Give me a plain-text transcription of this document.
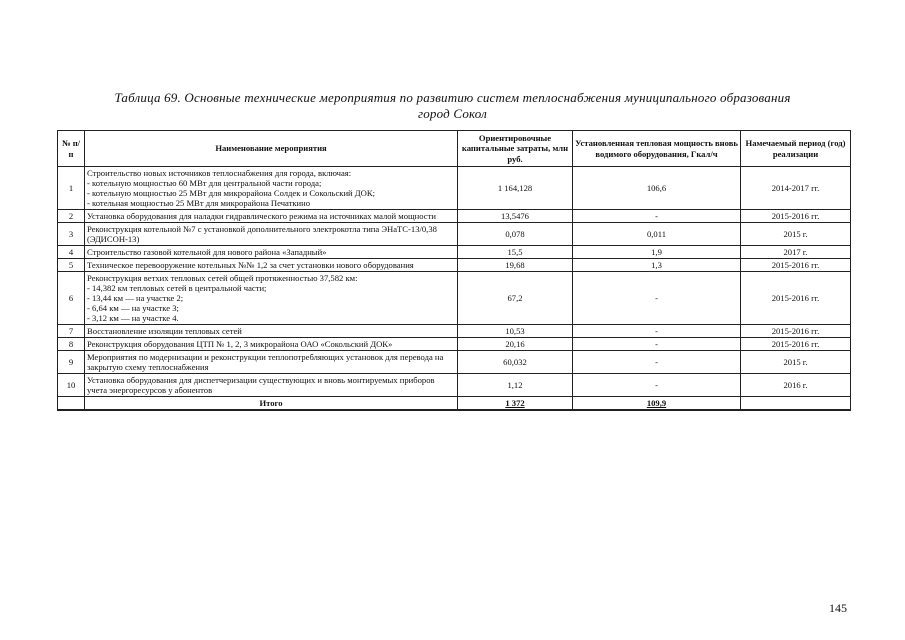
Таблица 69. Основные технические мероприятия по развитию систем теплоснабжения муниципального образования
город Сокол
№ п/п	Наименование мероприятия	Ориентировочные капитальные затраты, млн руб.	Установленная тепловая мощность вновь водимого оборудования, Гкал/ч	Намечаемый период (год) реализации
1	Строительство новых источников теплоснабжения для города, включая:
- котельную мощностью 60 МВт для центральной части города;
- котельную мощностью 25 МВт для микрорайона Солдек и Сокольский ДОК;
- котельная мощностью 25 МВт для микрорайона Печаткино	1 164,128	106,6	2014-2017 гг.
2	Установка оборудования для наладки гидравлического режима на источниках малой мощности	13,5476	-	2015-2016 гг.
3	Реконструкция котельной №7 с установкой дополнительного электрокотла типа ЭНаТС-13/0,38 (ЭДИСОН-13)	0,078	0,011	2015 г.
4	Строительство газовой котельной для нового района «Западный»	15,5	1,9	2017 г.
5	Техническое перевооружение котельных №№ 1,2 за счет установки нового оборудования	19,68	1,3	2015-2016 гг.
6	Реконструкция ветхих тепловых сетей общей протяженностью 37,582 км:
- 14,382 км тепловых сетей в центральной части;
- 13,44 км — на участке 2;
- 6,64 км — на участке 3;
- 3,12 км — на участке 4.	67,2	-	2015-2016 гг.
7	Восстановление изоляции тепловых сетей	10,53	-	2015-2016 гг.
8	Реконструкция оборудования ЦТП № 1, 2, 3 микрорайона ОАО «Сокольский ДОК»	20,16	-	2015-2016 гг.
9	Мероприятия по модернизации и реконструкции теплопотребляющих установок для перевода на закрытую схему теплоснабжения	60,032	-	2015 г.
10	Установка оборудования для диспетчеризации существующих и вновь монтируемых приборов учета энергоресурсов у абонентов	1,12	-	2016 г.
	Итого	1 372	109,9	
145
